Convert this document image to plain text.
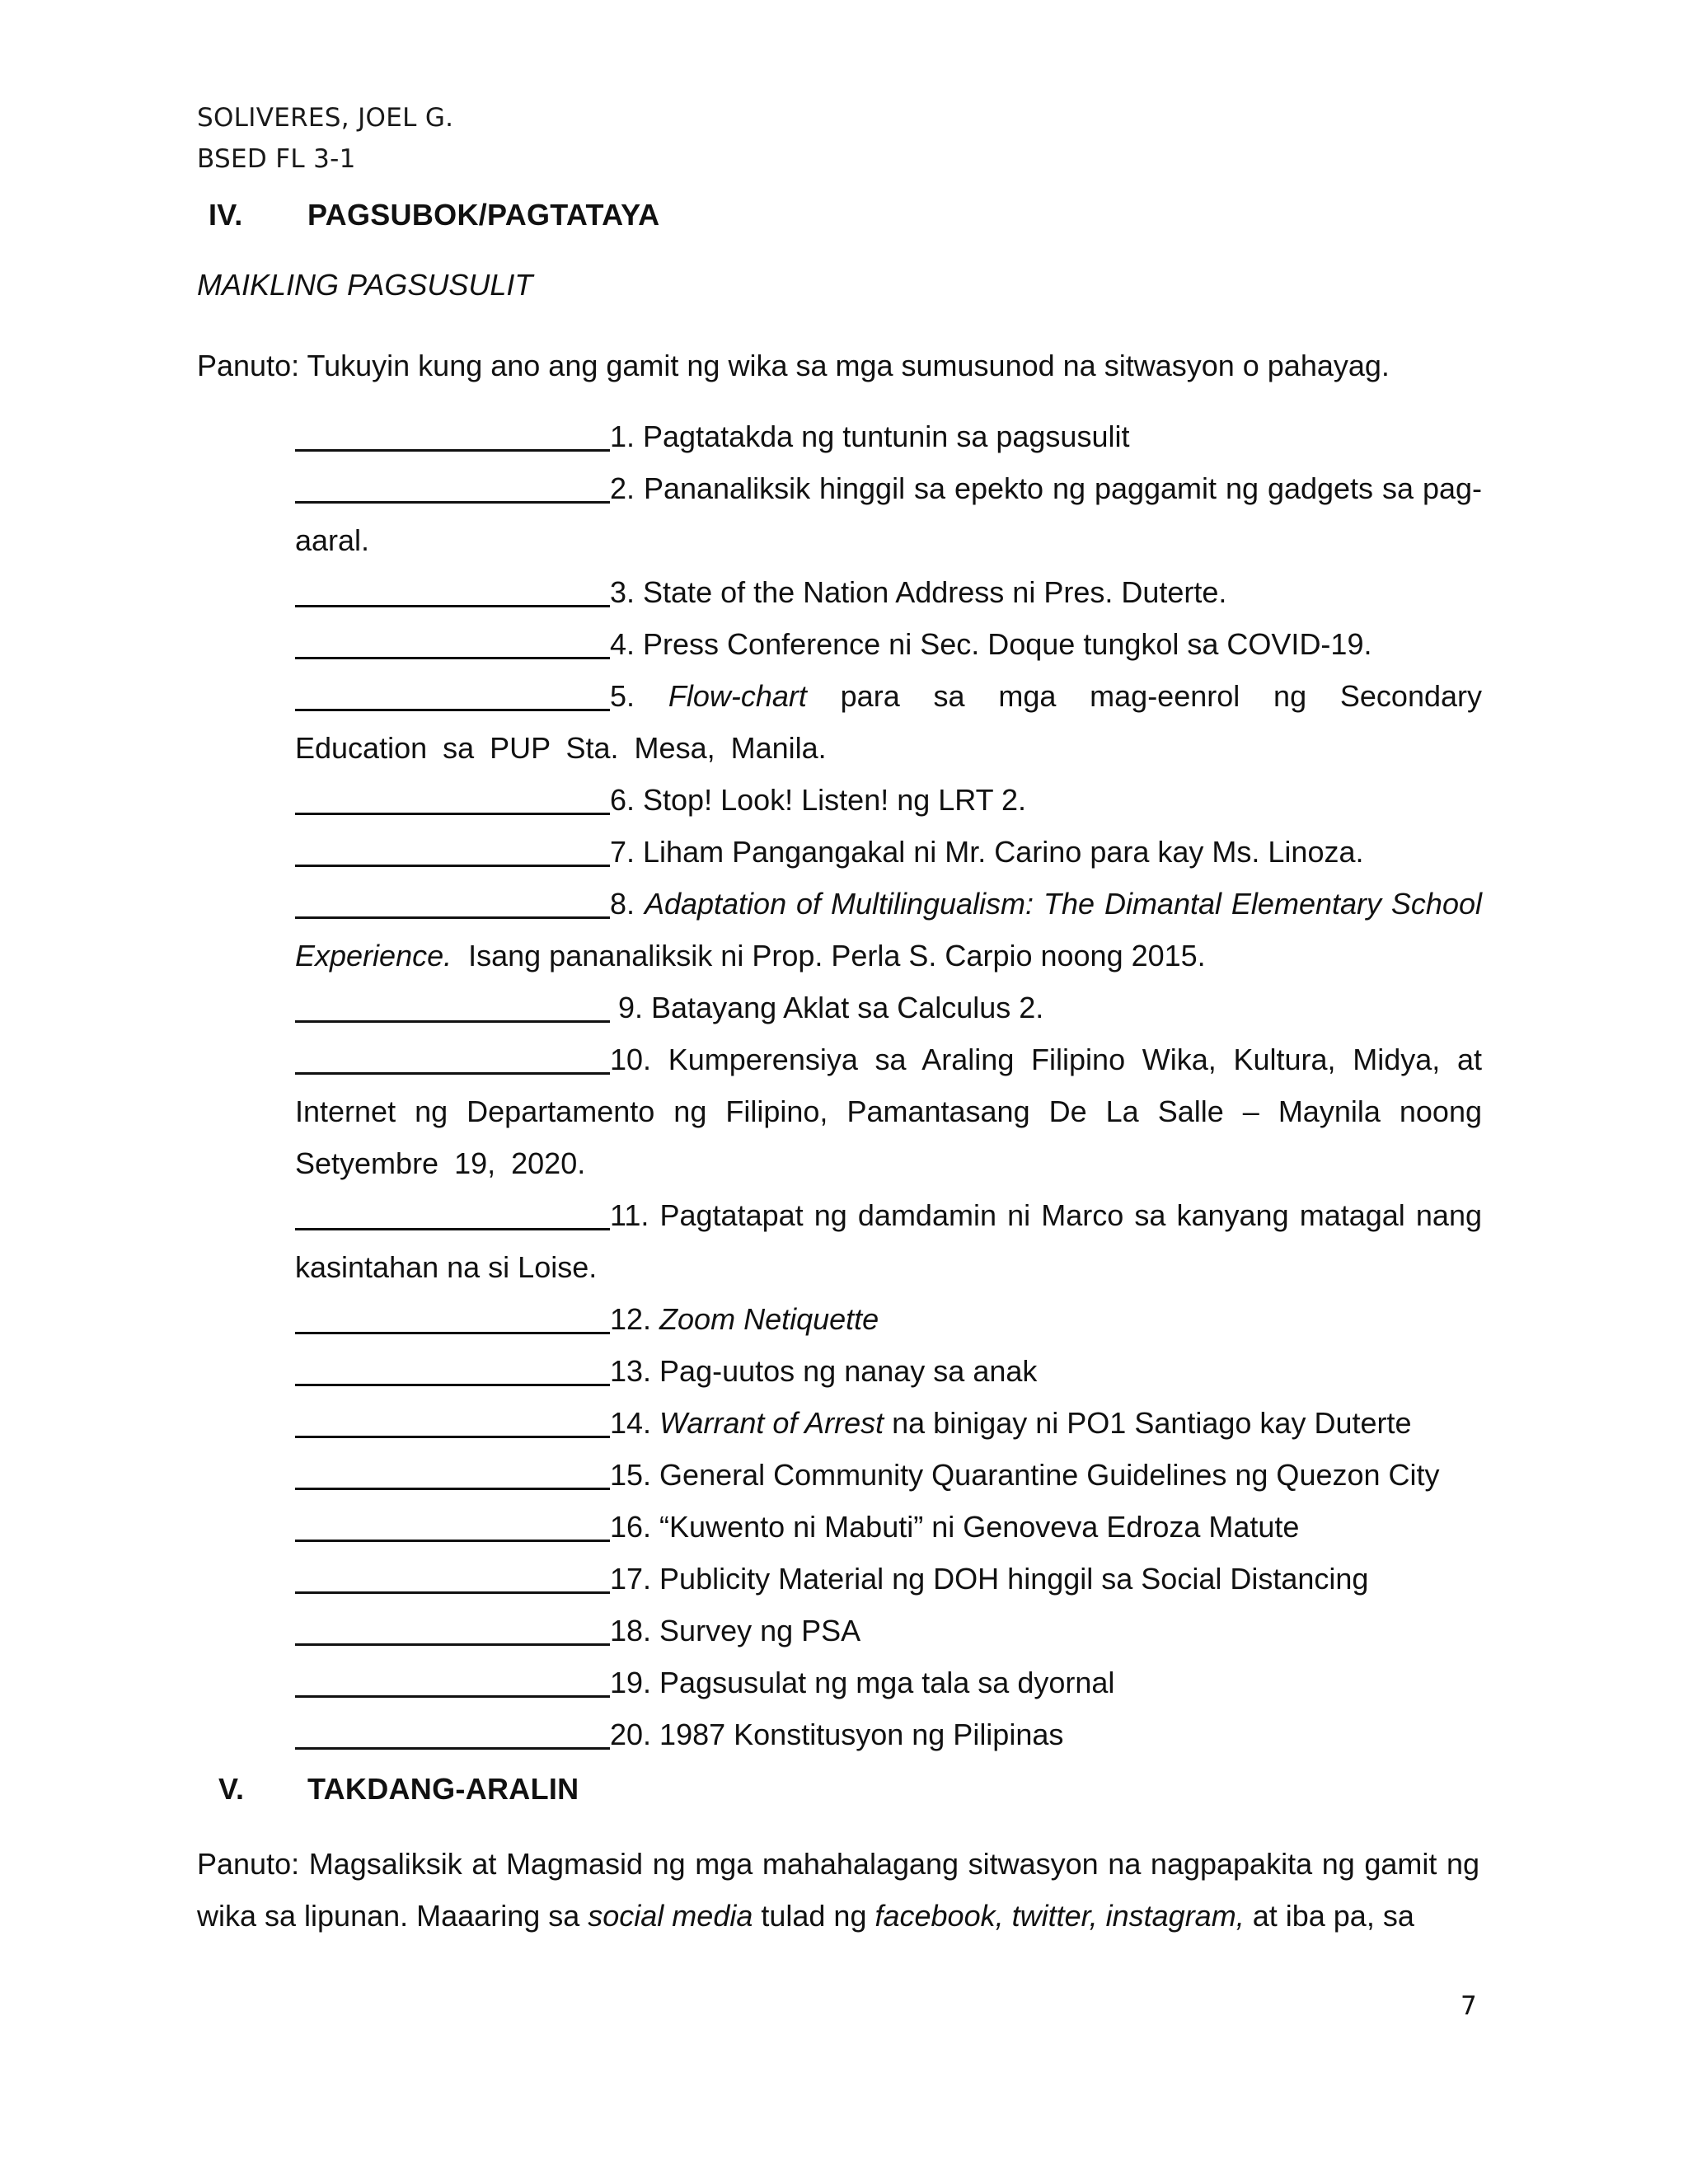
SOLIVERES, JOEL G.
BSED FL 3-1
IV. PAGSUBOK/PAGTATAYA
MAIKLING PAGSUSULIT
Panuto: Tukuyin kung ano ang gamit ng wika sa mga sumusunod na sitwasyon o pahayag.
1. Pagtatakda ng tuntunin sa pagsusulit
2. Pananaliksik hinggil sa epekto ng paggamit ng gadgets sa pag-aaral.
3. State of the Nation Address ni Pres. Duterte.
4. Press Conference ni Sec. Doque tungkol sa COVID-19.
5. Flow-chart para sa mga mag-eenrol ng Secondary Education sa PUP Sta. Mesa, Manila.
6. Stop! Look! Listen! ng LRT 2.
7. Liham Pangangakal ni Mr. Carino para kay Ms. Linoza.
8. Adaptation of Multilingualism: The Dimantal Elementary School Experience.  Isang pananaliksik ni Prop. Perla S. Carpio noong 2015.
9. Batayang Aklat sa Calculus 2.
10. Kumperensiya sa Araling Filipino Wika, Kultura, Midya, at Internet ng Departamento ng Filipino, Pamantasang De La Salle – Maynila noong Setyembre 19, 2020.
11. Pagtatapat ng damdamin ni Marco sa kanyang matagal nang kasintahan na si Loise.
12. Zoom Netiquette
13. Pag-uutos ng nanay sa anak
14. Warrant of Arrest na binigay ni PO1 Santiago kay Duterte
15. General Community Quarantine Guidelines ng Quezon City
16. “Kuwento ni Mabuti” ni Genoveva Edroza Matute
17. Publicity Material ng DOH hinggil sa Social Distancing
18. Survey ng PSA
19. Pagsusulat ng mga tala sa dyornal
20. 1987 Konstitusyon ng Pilipinas
V. TAKDANG-ARALIN
Panuto: Magsaliksik at Magmasid ng mga mahahalagang sitwasyon na nagpapakita ng gamit ng wika sa lipunan. Maaaring sa social media tulad ng facebook, twitter, instagram, at iba pa, sa
7
